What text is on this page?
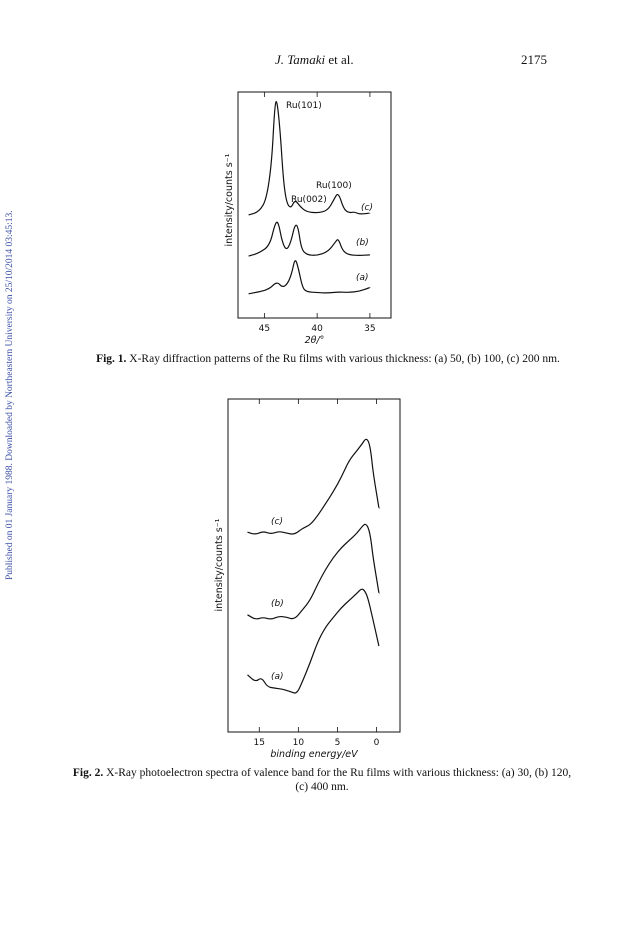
J. Tamaki et al.	2175
Published on 01 January 1988. Downloaded by Northeastern University on 25/10/2014 03:45:13.	45	40	35
2θ/°
intensity/counts s⁻¹	(c)
(b)
(a)
Ru(101)
Ru(100)
Ru(002)
Fig. 1. X-Ray diffraction patterns of the Ru films with various thickness: (a) 50, (b) 100, (c) 200 nm.
15	10	5	0
binding energy/eV
intensity/counts s⁻¹	(c)
(b)
(a)
Fig. 2. X-Ray photoelectron spectra of valence band for the Ru films with various thickness: (a) 30, (b) 120, (c) 400 nm.
